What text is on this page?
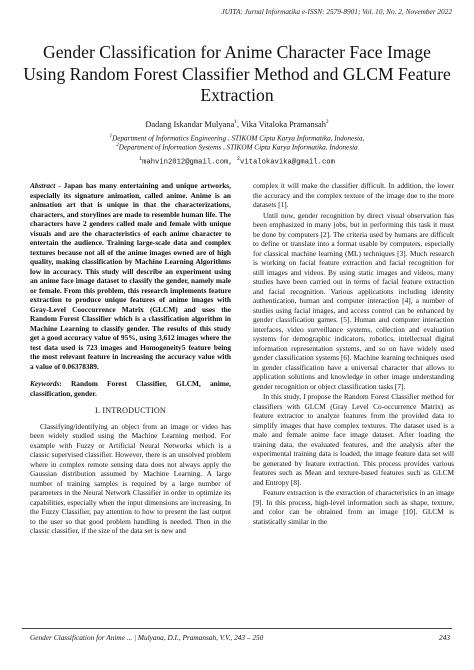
JUITA: Jurnal Informatika e-ISSN: 2579-8901; Vol. 10, No. 2, November 2022
Gender Classification for Anime Character Face Image Using Random Forest Classifier Method and GLCM Feature Extraction
Dadang Iskandar Mulyana$^1$, Vika Vitaloka Pramansah$^2$
$^1$Department of Informatics Engineering , STIKOM Cipta Karya Informatika, Indonesia,
$^2$Department of Information Systems , STIKOM Cipta Karya Informatika, Indonesia
$^1$mahvin2012@gmail.com, $^2$vitalokavika@gmail.com

Abstract - Japan has many entertaining and unique artworks, especially its signature animation, called anime. Anime is an animation art that is unique in that the characterizations, characters, and storylines are made to resemble human life. The characters have 2 genders called male and female with unique visuals and are the characteristics of each anime character to entertain the audience. Training large-scale data and complex textures because not all of the anime images owned are of high quality, making classification by Machine Learning Algorithms low in accuracy. This study will describe an experiment using an anime face image dataset to classify the gender, namely male or female. From this problem, this research implements feature extraction to produce unique features of anime images with Gray-Level Cooccurrence Matrix (GLCM) and uses the Random Forest Classifier which is a classification algorithm in Machine Learning to classify gender. The results of this study get a good accuracy value of 95%, using 3,612 images where the test data used is 723 images and Homogeneity5 feature being the most relevant feature in increasing the accuracy value with a value of 0.06378389.

Keywords: Random Forest Classifier, GLCM, anime, classification, gender.

I. INTRODUCTION

Classifying/identifying an object from an image or video has been widely studied using the Machine Learning method. For example with Fuzzy or Artificial Neural Networks which is a classic supervised classifier. However, there is an unsolved problem where in complex remote sensing data does not always apply the Gaussian distribution assumed by Machine Learning. A large number of training samples is required by a large number of parameters in the Neural Network Classifier in order to optimize its capabilities, especially when the input dimensions are increasing. In the Fuzzy Classifier, pay attention to how to present the last output to the user so that good problem handling is needed. Then in the classic classifier, if the size of the data set is new and

complex it will make the classifier difficult. In addition, the lower the accuracy and the complex texture of the image due to the more datasets [1].

Until now, gender recognition by direct visual observation has been emphasized in many jobs, but in performing this task it must be done by computers [2]. The criteria used by humans are difficult to define or translate into a format usable by computers, especially for classical machine learning (ML) techniques [3]. Much research is working on facial feature extraction and facial recognition for still images and videos. By using static images and videos, many studies have been carried out in terms of facial feature extraction and facial recognition. Various applications including identity authentication, human and computer interaction [4], a number of studies using facial images, and access control can be enhanced by gender classification games. [5]. Human and computer interaction interfaces, video surveillance systems, collection and evaluation systems for demographic indicators, robotics, intellectual digital information representation systems, and so on have widely used gender classification systems [6]. Machine learning techniques used in gender classification have a universal character that allows to application solutions and knowledge in other image understanding gender recognition or object classification tasks [7].

In this study, I propose the Random Forest Classifier method for classifiers with GLCM (Gray Level Co-occurrence Matrix) as feature extractor to analyze features from the provided data to simplify images that have complex textures. The dataset used is a male and female anime face image dataset. After loading the training data, the evaluated features, and the analysis after the experimental training data is loaded, the image feature data set will be generated by feature extraction. This process provides various features such as Mean and texture-based features such as GLCM and Entropy [8].

Feature extraction is the extraction of characteristics in an image [9]. In this process, high-level information such as shape, texture, and color can be obtained from an image [10]. GLCM is statistically similar in the

Gender Classification for Anime ... | Mulyana, D.I., Pramansah, V.V., 243 – 250	243
